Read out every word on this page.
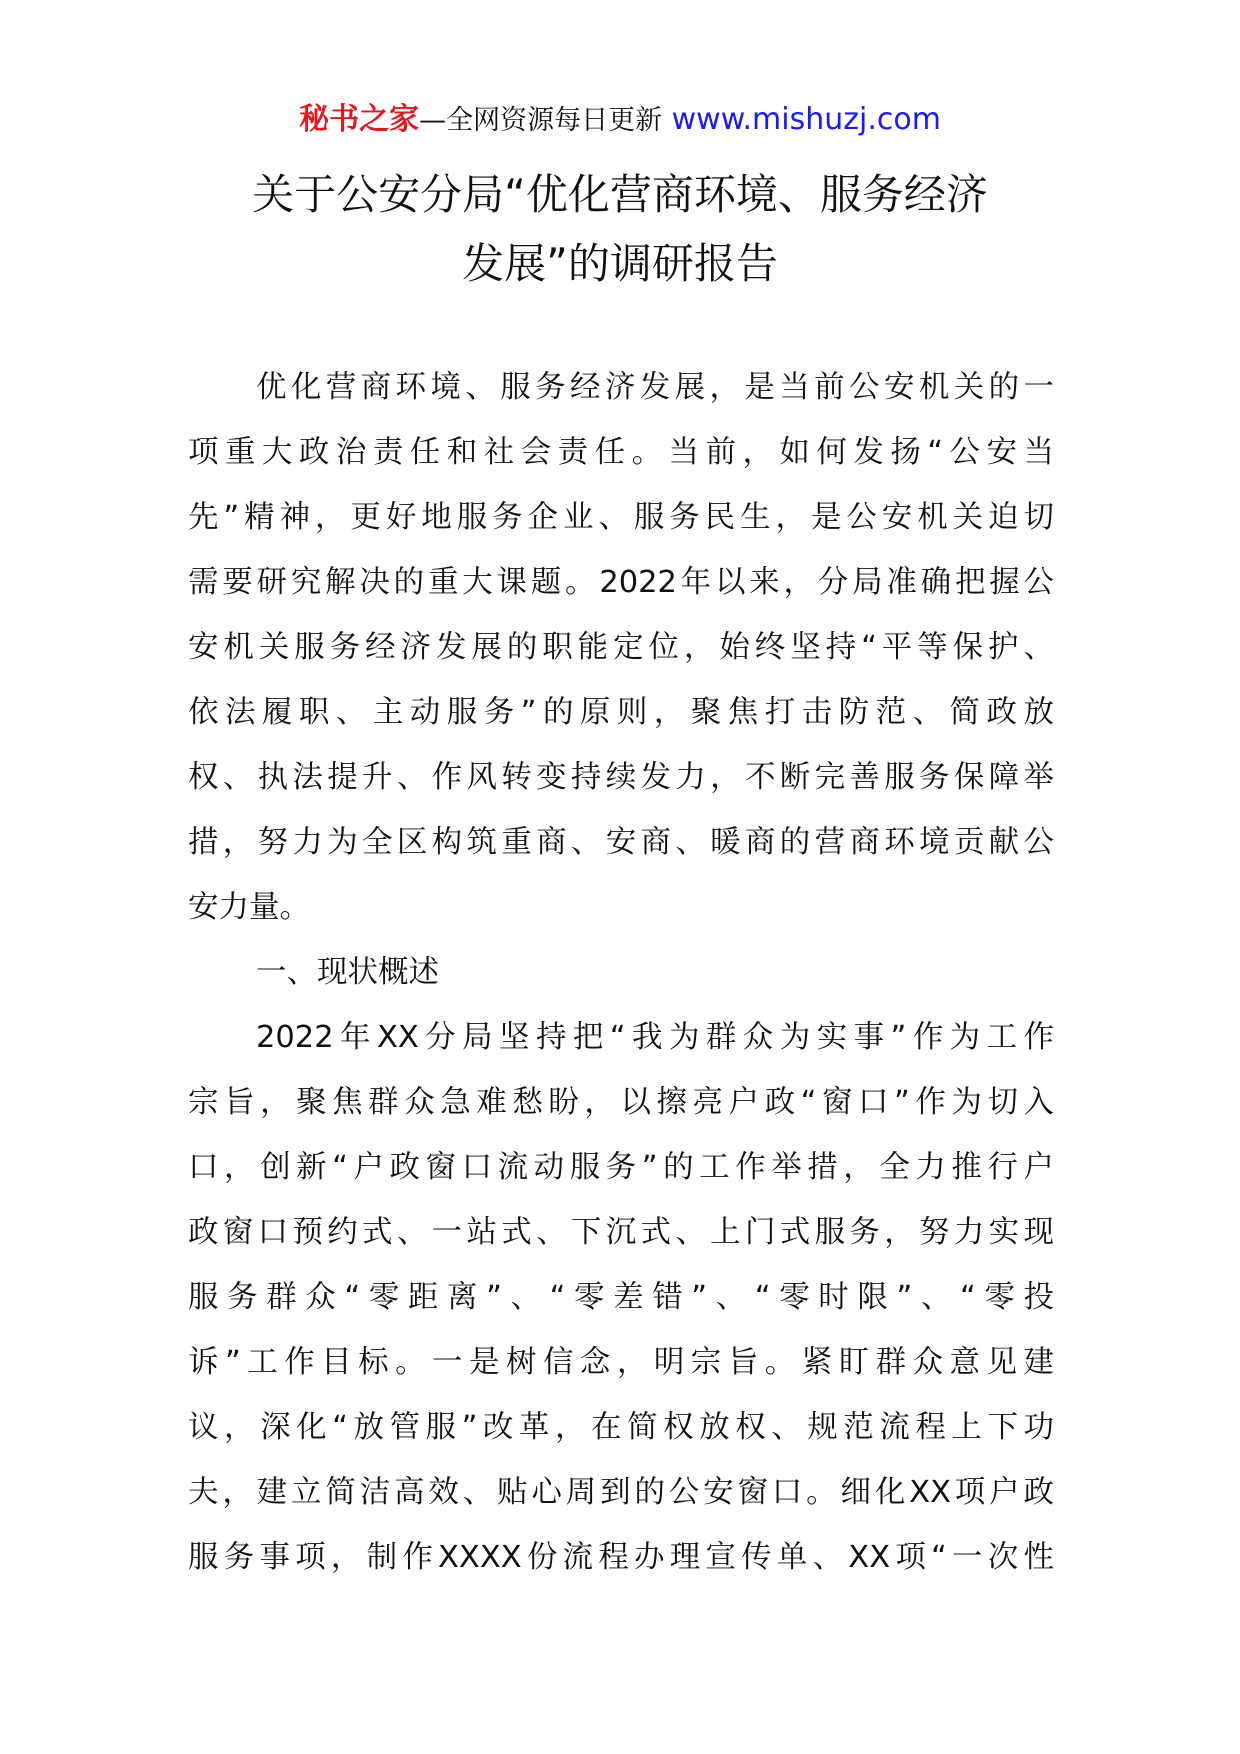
秘书之家—全网资源每日更新 www.mishuzj.com
关于公安分局“优化营商环境、服务经济
发展”的调研报告
优化营商环境、服务经济发展，是当前公安机关的一
项重大政治责任和社会责任。当前，如何发扬“公安当
先”精神，更好地服务企业、服务民生，是公安机关迫切
需要研究解决的重大课题。2022年以来，分局准确把握公
安机关服务经济发展的职能定位，始终坚持“平等保护、
依法履职、主动服务”的原则，聚焦打击防范、简政放
权、执法提升、作风转变持续发力，不断完善服务保障举
措，努力为全区构筑重商、安商、暖商的营商环境贡献公
安力量。
一、现状概述
2022年XX分局坚持把“我为群众为实事”作为工作
宗旨，聚焦群众急难愁盼，以擦亮户政“窗口”作为切入
口，创新“户政窗口流动服务”的工作举措，全力推行户
政窗口预约式、一站式、下沉式、上门式服务，努力实现
服务群众“零距离”、“零差错”、“零时限”、“零投
诉”工作目标。一是树信念，明宗旨。紧盯群众意见建
议，深化“放管服”改革，在简权放权、规范流程上下功
夫，建立简洁高效、贴心周到的公安窗口。细化XX项户政
服务事项，制作XXXX份流程办理宣传单、XX项“一次性
